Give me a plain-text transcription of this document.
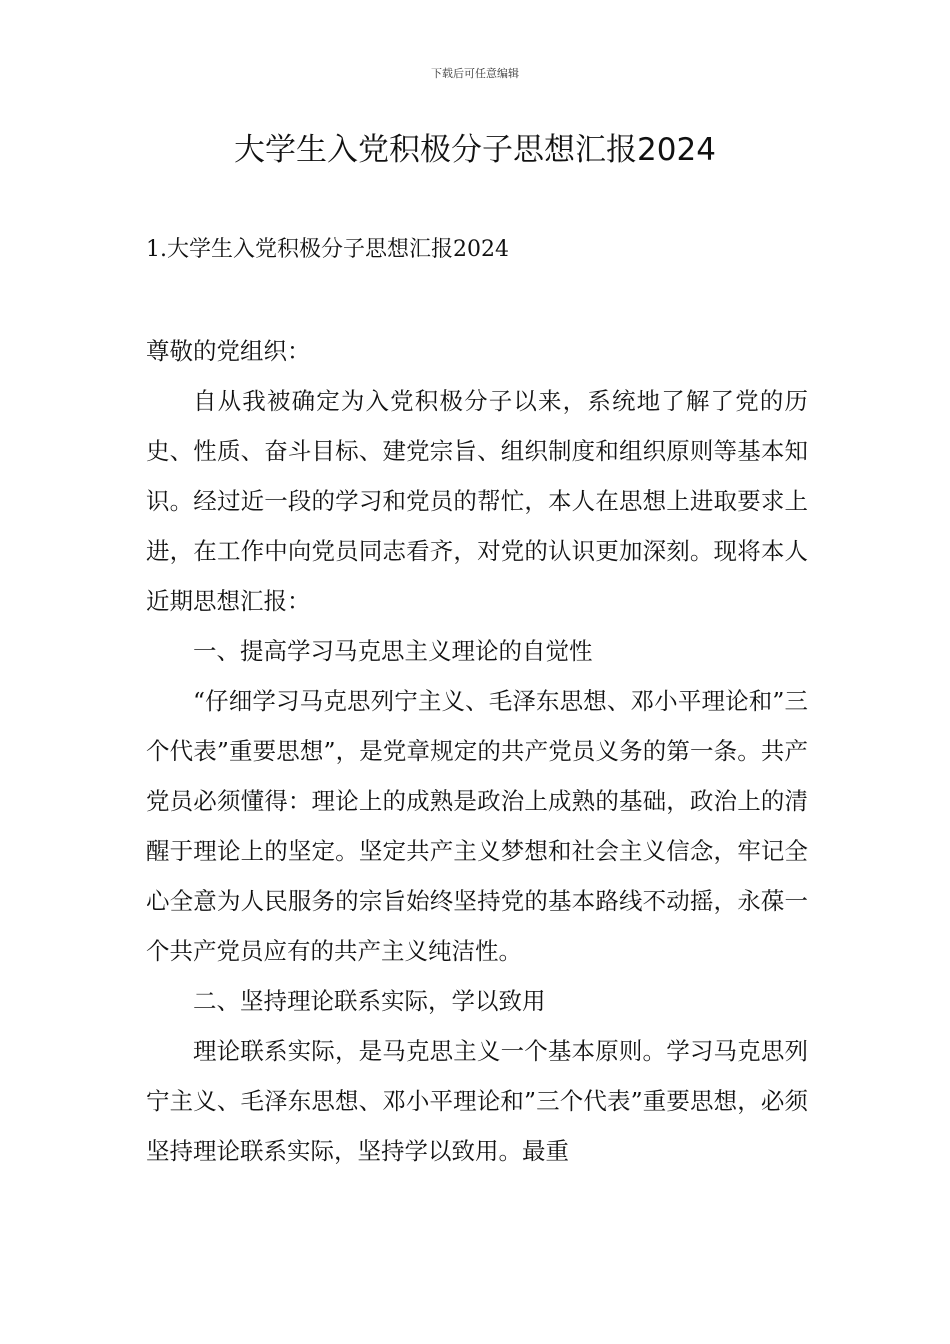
下载后可任意编辑
大学生入党积极分子思想汇报2024
1.大学生入党积极分子思想汇报2024

尊敬的党组织：

自从我被确定为入党积极分子以来，系统地了解了党的历史、性质、奋斗目标、建党宗旨、组织制度和组织原则等基本知识。经过近一段的学习和党员的帮忙，本人在思想上进取要求上进，在工作中向党员同志看齐，对党的认识更加深刻。现将本人近期思想汇报：

一、提高学习马克思主义理论的自觉性

“仔细学习马克思列宁主义、毛泽东思想、邓小平理论和”三个代表”重要思想”，是党章规定的共产党员义务的第一条。共产党员必须懂得：理论上的成熟是政治上成熟的基础，政治上的清醒于理论上的坚定。坚定共产主义梦想和社会主义信念，牢记全心全意为人民服务的宗旨始终坚持党的基本路线不动摇，永葆一个共产党员应有的共产主义纯洁性。

二、坚持理论联系实际，学以致用

理论联系实际，是马克思主义一个基本原则。学习马克思列宁主义、毛泽东思想、邓小平理论和”三个代表”重要思想，必须坚持理论联系实际，坚持学以致用。最重
